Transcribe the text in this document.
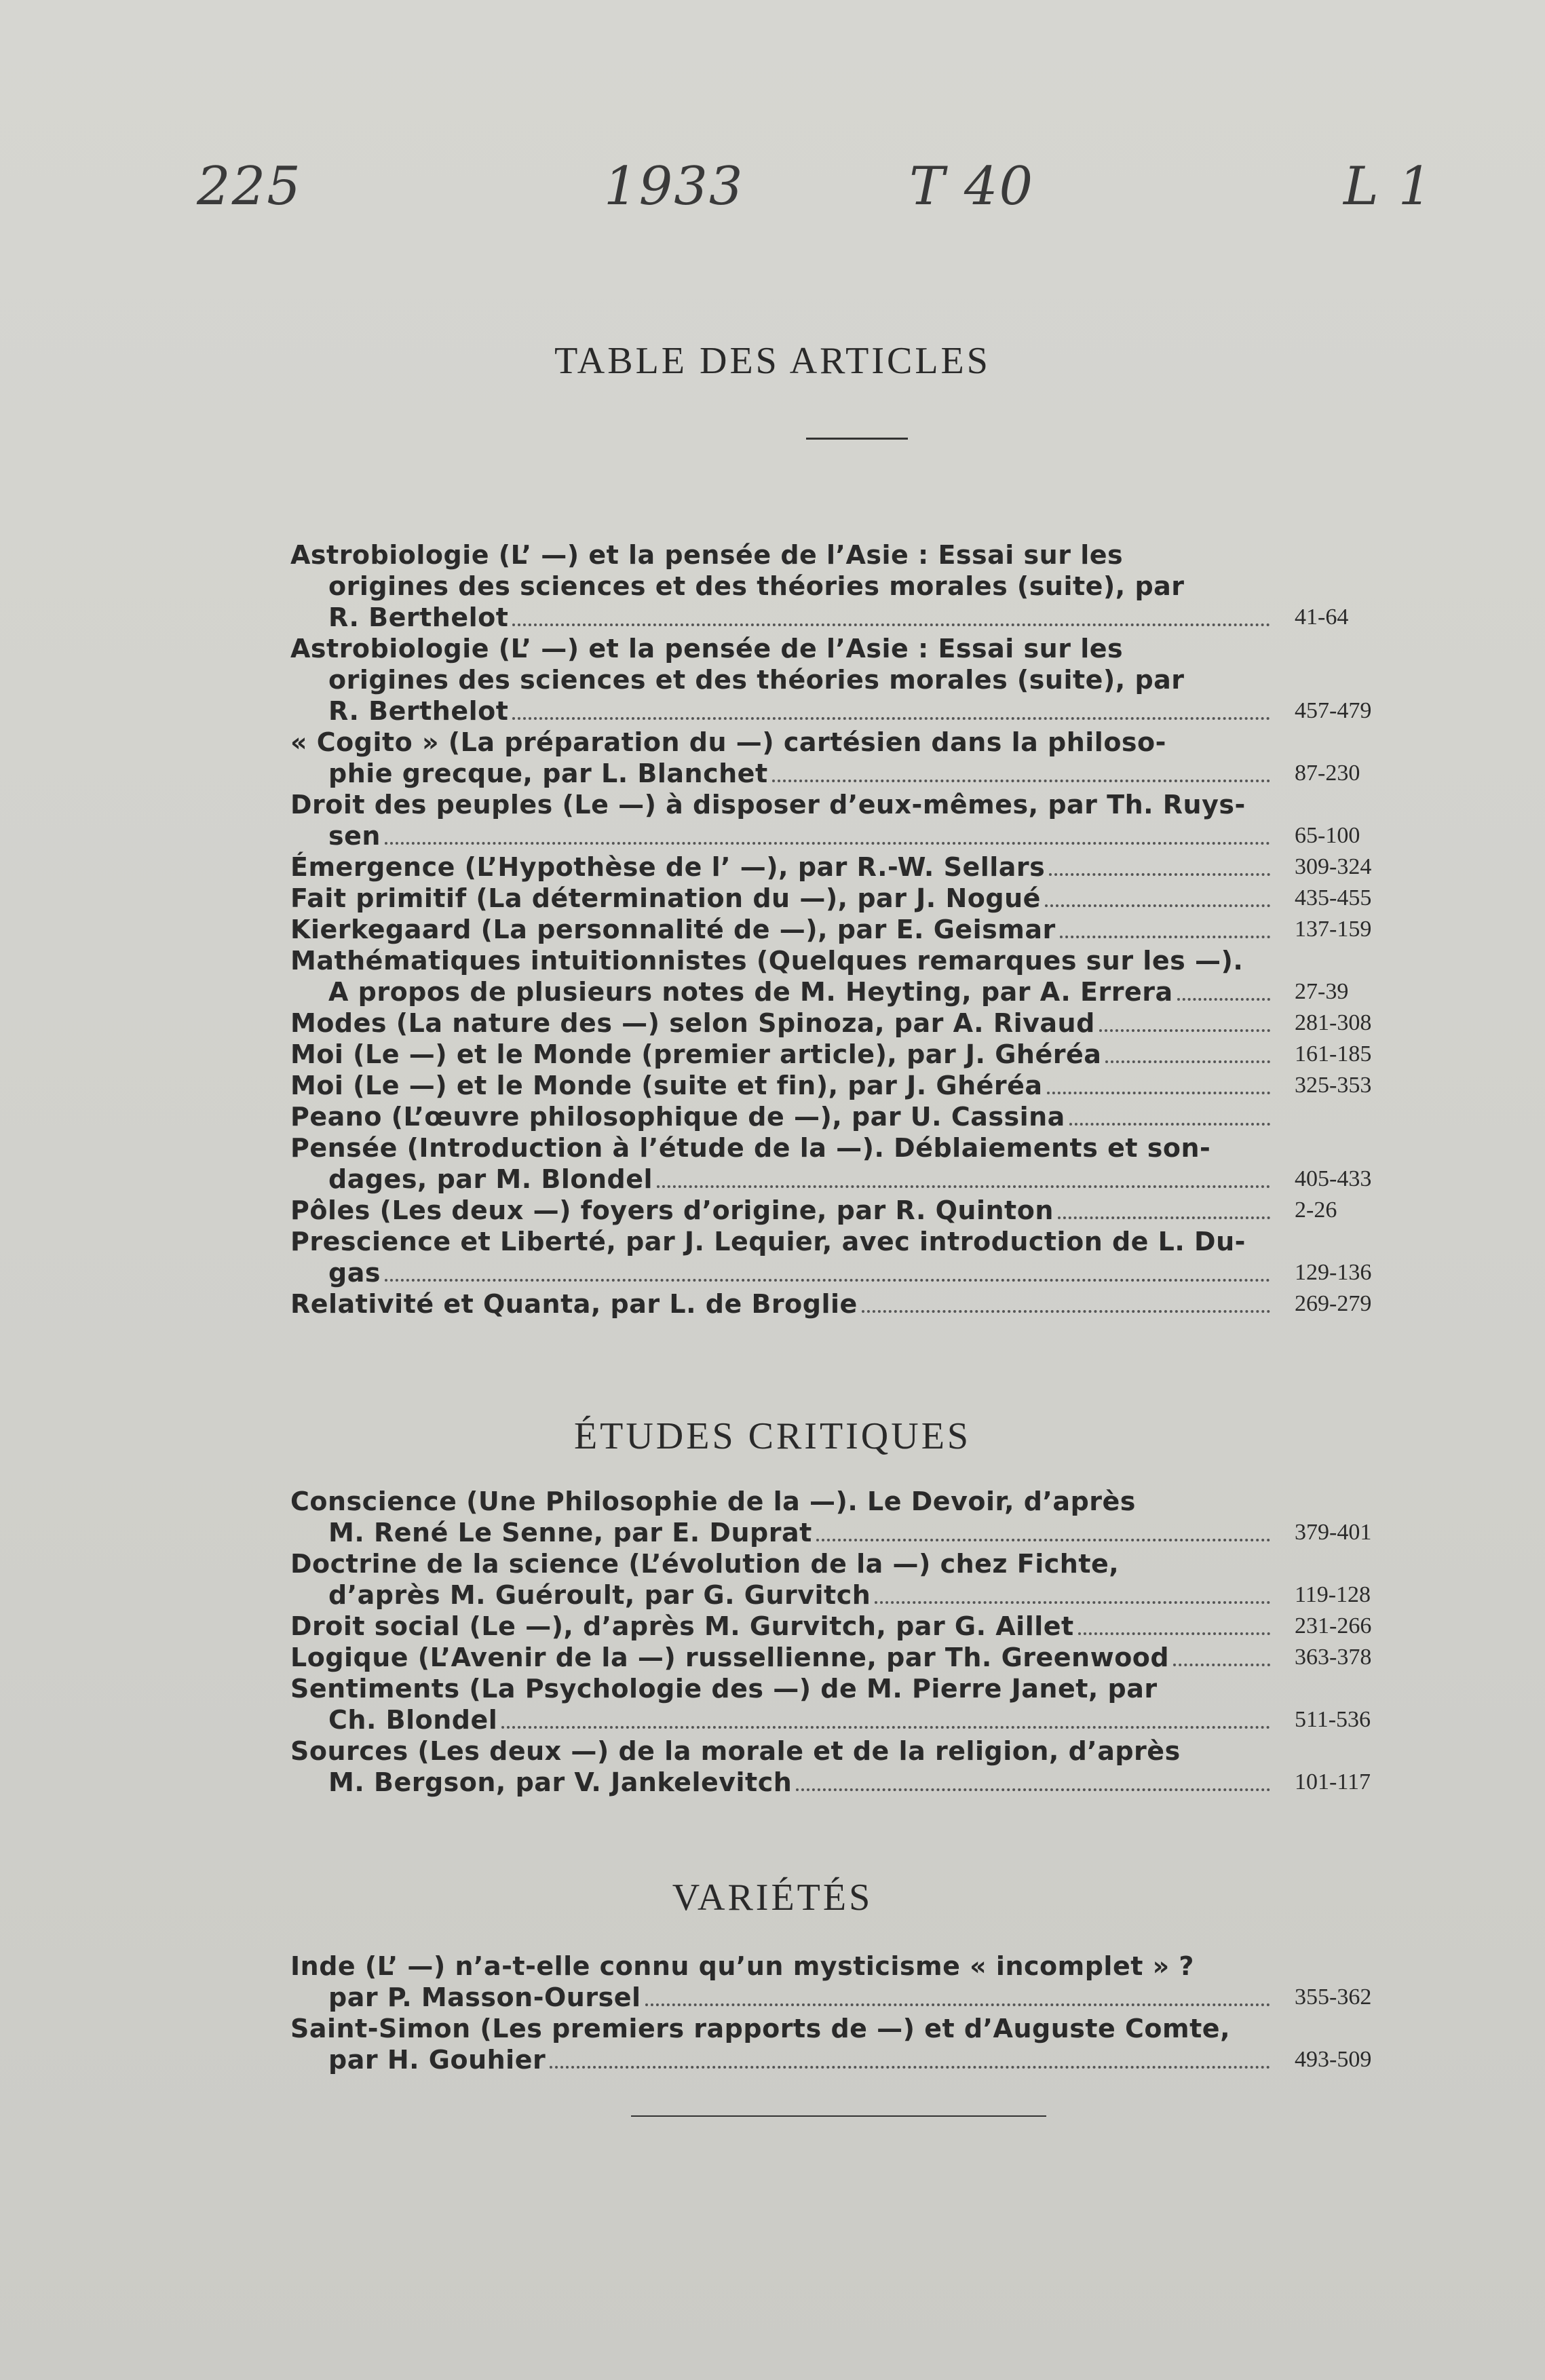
225	1933	T 40	L 1
TABLE DES ARTICLES
Astrobiologie (L’ —) et la pensée de l’Asie : Essai sur les
origines des sciences et des théories morales (suite), par
R. Berthelot	41-64
Astrobiologie (L’ —) et la pensée de l’Asie : Essai sur les
origines des sciences et des théories morales (suite), par
R. Berthelot	457-479
« Cogito » (La préparation du —) cartésien dans la philoso-
phie grecque, par L. Blanchet	87-230
Droit des peuples (Le —) à disposer d’eux-mêmes, par Th. Ruys-
sen	65-100
Émergence (L’Hypothèse de l’ —), par R.-W. Sellars	309-324
Fait primitif (La détermination du —), par J. Nogué	435-455
Kierkegaard (La personnalité de —), par E. Geismar	137-159
Mathématiques intuitionnistes (Quelques remarques sur les —).
A propos de plusieurs notes de M. Heyting, par A. Errera	27-39
Modes (La nature des —) selon Spinoza, par A. Rivaud	281-308
Moi (Le —) et le Monde (premier article), par J. Ghéréa	161-185
Moi (Le —) et le Monde (suite et fin), par J. Ghéréa	325-353
Peano (L’œuvre philosophique de —), par U. Cassina
Pensée (Introduction à l’étude de la —). Déblaiements et son-
dages, par M. Blondel	405-433
Pôles (Les deux —) foyers d’origine, par R. Quinton	2-26
Prescience et Liberté, par J. Lequier, avec introduction de L. Du-
gas	129-136
Relativité et Quanta, par L. de Broglie	269-279
ÉTUDES CRITIQUES
Conscience (Une Philosophie de la —). Le Devoir, d’après
M. René Le Senne, par E. Duprat	379-401
Doctrine de la science (L’évolution de la —) chez Fichte,
d’après M. Guéroult, par G. Gurvitch	119-128
Droit social (Le —), d’après M. Gurvitch, par G. Aillet	231-266
Logique (L’Avenir de la —) russellienne, par Th. Greenwood	363-378
Sentiments (La Psychologie des —) de M. Pierre Janet, par
Ch. Blondel	511-536
Sources (Les deux —) de la morale et de la religion, d’après
M. Bergson, par V. Jankelevitch	101-117
VARIÉTÉS
Inde (L’ —) n’a-t-elle connu qu’un mysticisme « incomplet » ?
par P. Masson-Oursel	355-362
Saint-Simon (Les premiers rapports de —) et d’Auguste Comte,
par H. Gouhier	493-509
